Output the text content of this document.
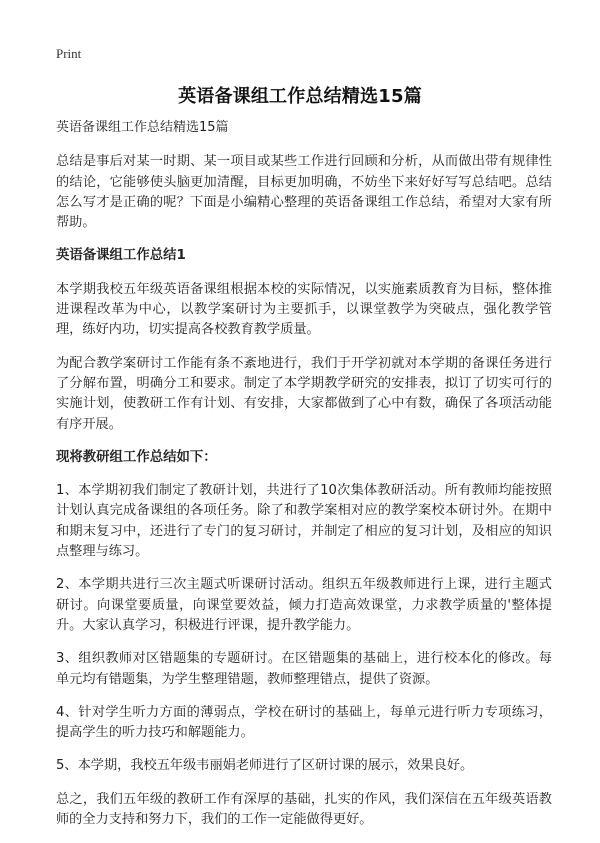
Print
英语备课组工作总结精选15篇

英语备课组工作总结精选15篇

总结是事后对某一时期、某一项目或某些工作进行回顾和分析，从而做出带有规律性的结论，它能够使头脑更加清醒，目标更加明确，不妨坐下来好好写写总结吧。总结怎么写才是正确的呢？下面是小编精心整理的英语备课组工作总结，希望对大家有所帮助。

英语备课组工作总结1

本学期我校五年级英语备课组根据本校的实际情况，以实施素质教育为目标，整体推进课程改革为中心，以教学案研讨为主要抓手，以课堂教学为突破点，强化教学管理，练好内功，切实提高各校教育教学质量。

为配合教学案研讨工作能有条不紊地进行，我们于开学初就对本学期的备课任务进行了分解布置，明确分工和要求。制定了本学期教学研究的安排表，拟订了切实可行的实施计划，使教研工作有计划、有安排，大家都做到了心中有数，确保了各项活动能有序开展。

现将教研组工作总结如下：

1、本学期初我们制定了教研计划，共进行了10次集体教研活动。所有教师均能按照计划认真完成备课组的各项任务。除了和教学案相对应的教学案校本研讨外。在期中和期末复习中，还进行了专门的复习研讨，并制定了相应的复习计划，及相应的知识点整理与练习。

2、本学期共进行三次主题式听课研讨活动。组织五年级教师进行上课，进行主题式研讨。向课堂要质量，向课堂要效益，倾力打造高效课堂，力求教学质量的'整体提升。大家认真学习，积极进行评课，提升教学能力。

3、组织教师对区错题集的专题研讨。在区错题集的基础上，进行校本化的修改。每单元均有错题集，为学生整理错题，教师整理错点，提供了资源。

4、针对学生听力方面的薄弱点，学校在研讨的基础上，每单元进行听力专项练习，提高学生的听力技巧和解题能力。

5、本学期，我校五年级韦丽娟老师进行了区研讨课的展示，效果良好。

总之，我们五年级的教研工作有深厚的基础，扎实的作风，我们深信在五年级英语教师的全力支持和努力下，我们的工作一定能做得更好。
